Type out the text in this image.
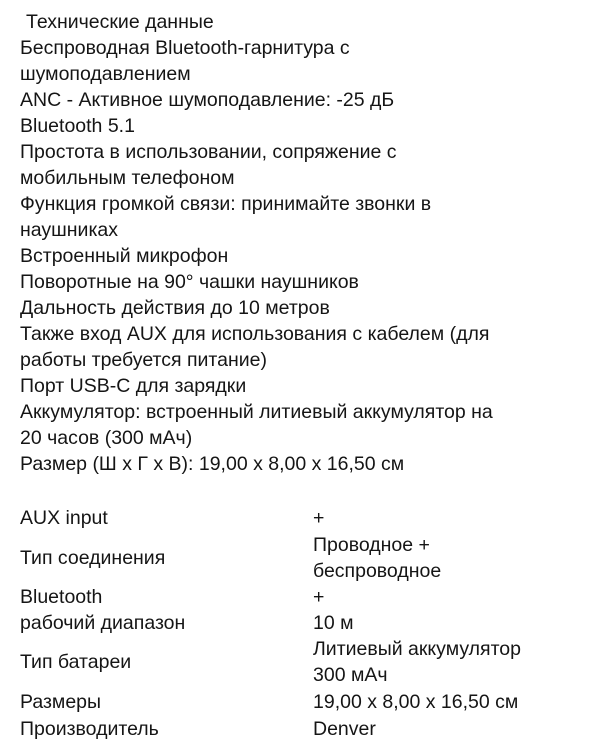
Технические данные
Беспроводная Bluetooth-гарнитура с
шумоподавлением
ANC - Активное шумоподавление: -25 дБ
Bluetooth 5.1
Простота в использовании, сопряжение с
мобильным телефоном
Функция громкой связи: принимайте звонки в
наушниках
Встроенный микрофон
Поворотные на 90° чашки наушников
Дальность действия до 10 метров
Также вход AUX для использования с кабелем (для
работы требуется питание)
Порт USB-C для зарядки
Аккумулятор: встроенный литиевый аккумулятор на
20 часов (300 мАч)
Размер (Ш x Г x В): 19,00 x 8,00 x 16,50 см
AUX input	+

Тип соединения	Проводное +
беспроводное

Bluetooth	+

рабочий диапазон	10 м

Тип батареи	Литиевый аккумулятор
300 мАч

Размеры	19,00 x 8,00 x 16,50 см

Производитель	Denver
